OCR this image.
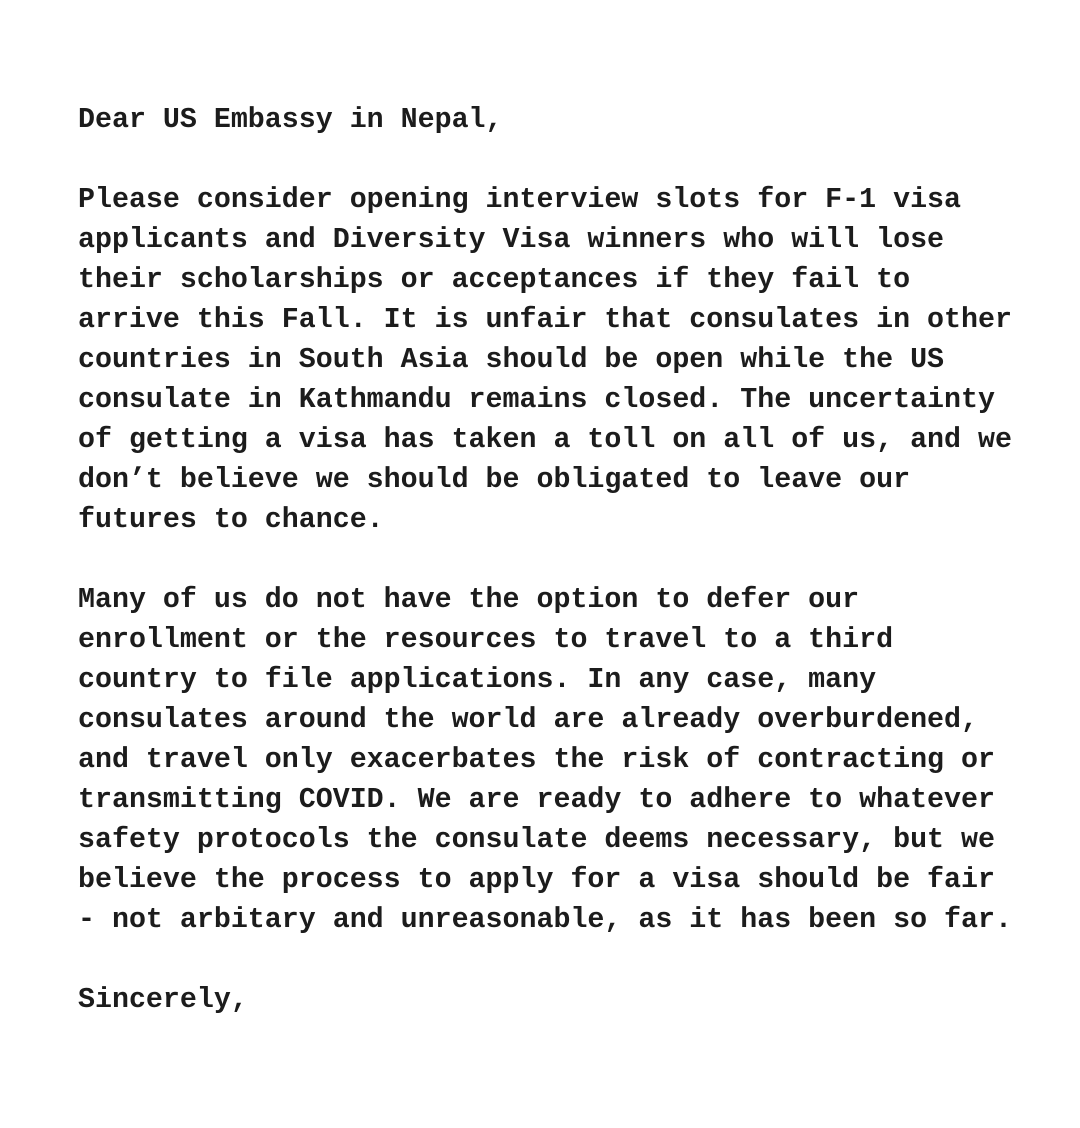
Dear US Embassy in Nepal,
Please consider opening interview slots for F-1 visa
applicants and Diversity Visa winners who will lose
their scholarships or acceptances if they fail to
arrive this Fall. It is unfair that consulates in other
countries in South Asia should be open while the US
consulate in Kathmandu remains closed. The uncertainty
of getting a visa has taken a toll on all of us, and we
don’t believe we should be obligated to leave our
futures to chance.
Many of us do not have the option to defer our
enrollment or the resources to travel to a third
country to file applications. In any case, many
consulates around the world are already overburdened,
and travel only exacerbates the risk of contracting or
transmitting COVID. We are ready to adhere to whatever
safety protocols the consulate deems necessary, but we
believe the process to apply for a visa should be fair
- not arbitary and unreasonable, as it has been so far.
Sincerely,
